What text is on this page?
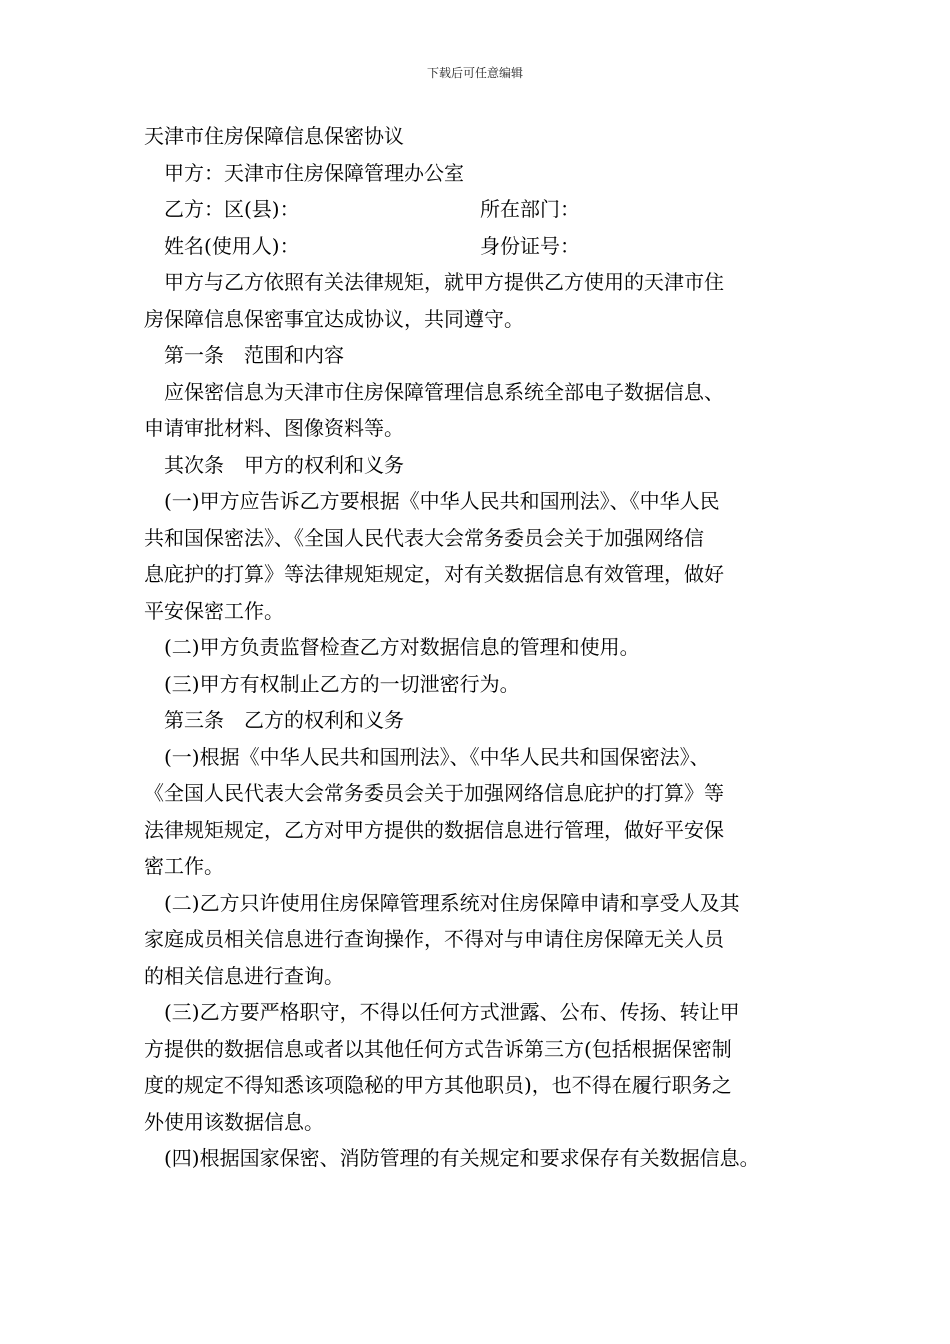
下载后可任意编辑
天津市住房保障信息保密协议
甲方：天津市住房保障管理办公室
乙方：区(县)：	所在部门：
姓名(使用人)：	身份证号：
甲方与乙方依照有关法律规矩，就甲方提供乙方使用的天津市住
房保障信息保密事宜达成协议，共同遵守。
第一条　范围和内容
应保密信息为天津市住房保障管理信息系统全部电子数据信息、
申请审批材料、图像资料等。
其次条　甲方的权利和义务
(一)甲方应告诉乙方要根据《中华人民共和国刑法》、《中华人民
共和国保密法》、《全国人民代表大会常务委员会关于加强网络信
息庇护的打算》等法律规矩规定，对有关数据信息有效管理，做好
平安保密工作。
(二)甲方负责监督检查乙方对数据信息的管理和使用。
(三)甲方有权制止乙方的一切泄密行为。
第三条　乙方的权利和义务
(一)根据《中华人民共和国刑法》、《中华人民共和国保密法》、
《全国人民代表大会常务委员会关于加强网络信息庇护的打算》等
法律规矩规定，乙方对甲方提供的数据信息进行管理，做好平安保
密工作。
(二)乙方只许使用住房保障管理系统对住房保障申请和享受人及其
家庭成员相关信息进行查询操作，不得对与申请住房保障无关人员
的相关信息进行查询。
(三)乙方要严格职守，不得以任何方式泄露、公布、传扬、转让甲
方提供的数据信息或者以其他任何方式告诉第三方(包括根据保密制
度的规定不得知悉该项隐秘的甲方其他职员)，也不得在履行职务之
外使用该数据信息。
(四)根据国家保密、消防管理的有关规定和要求保存有关数据信息。
